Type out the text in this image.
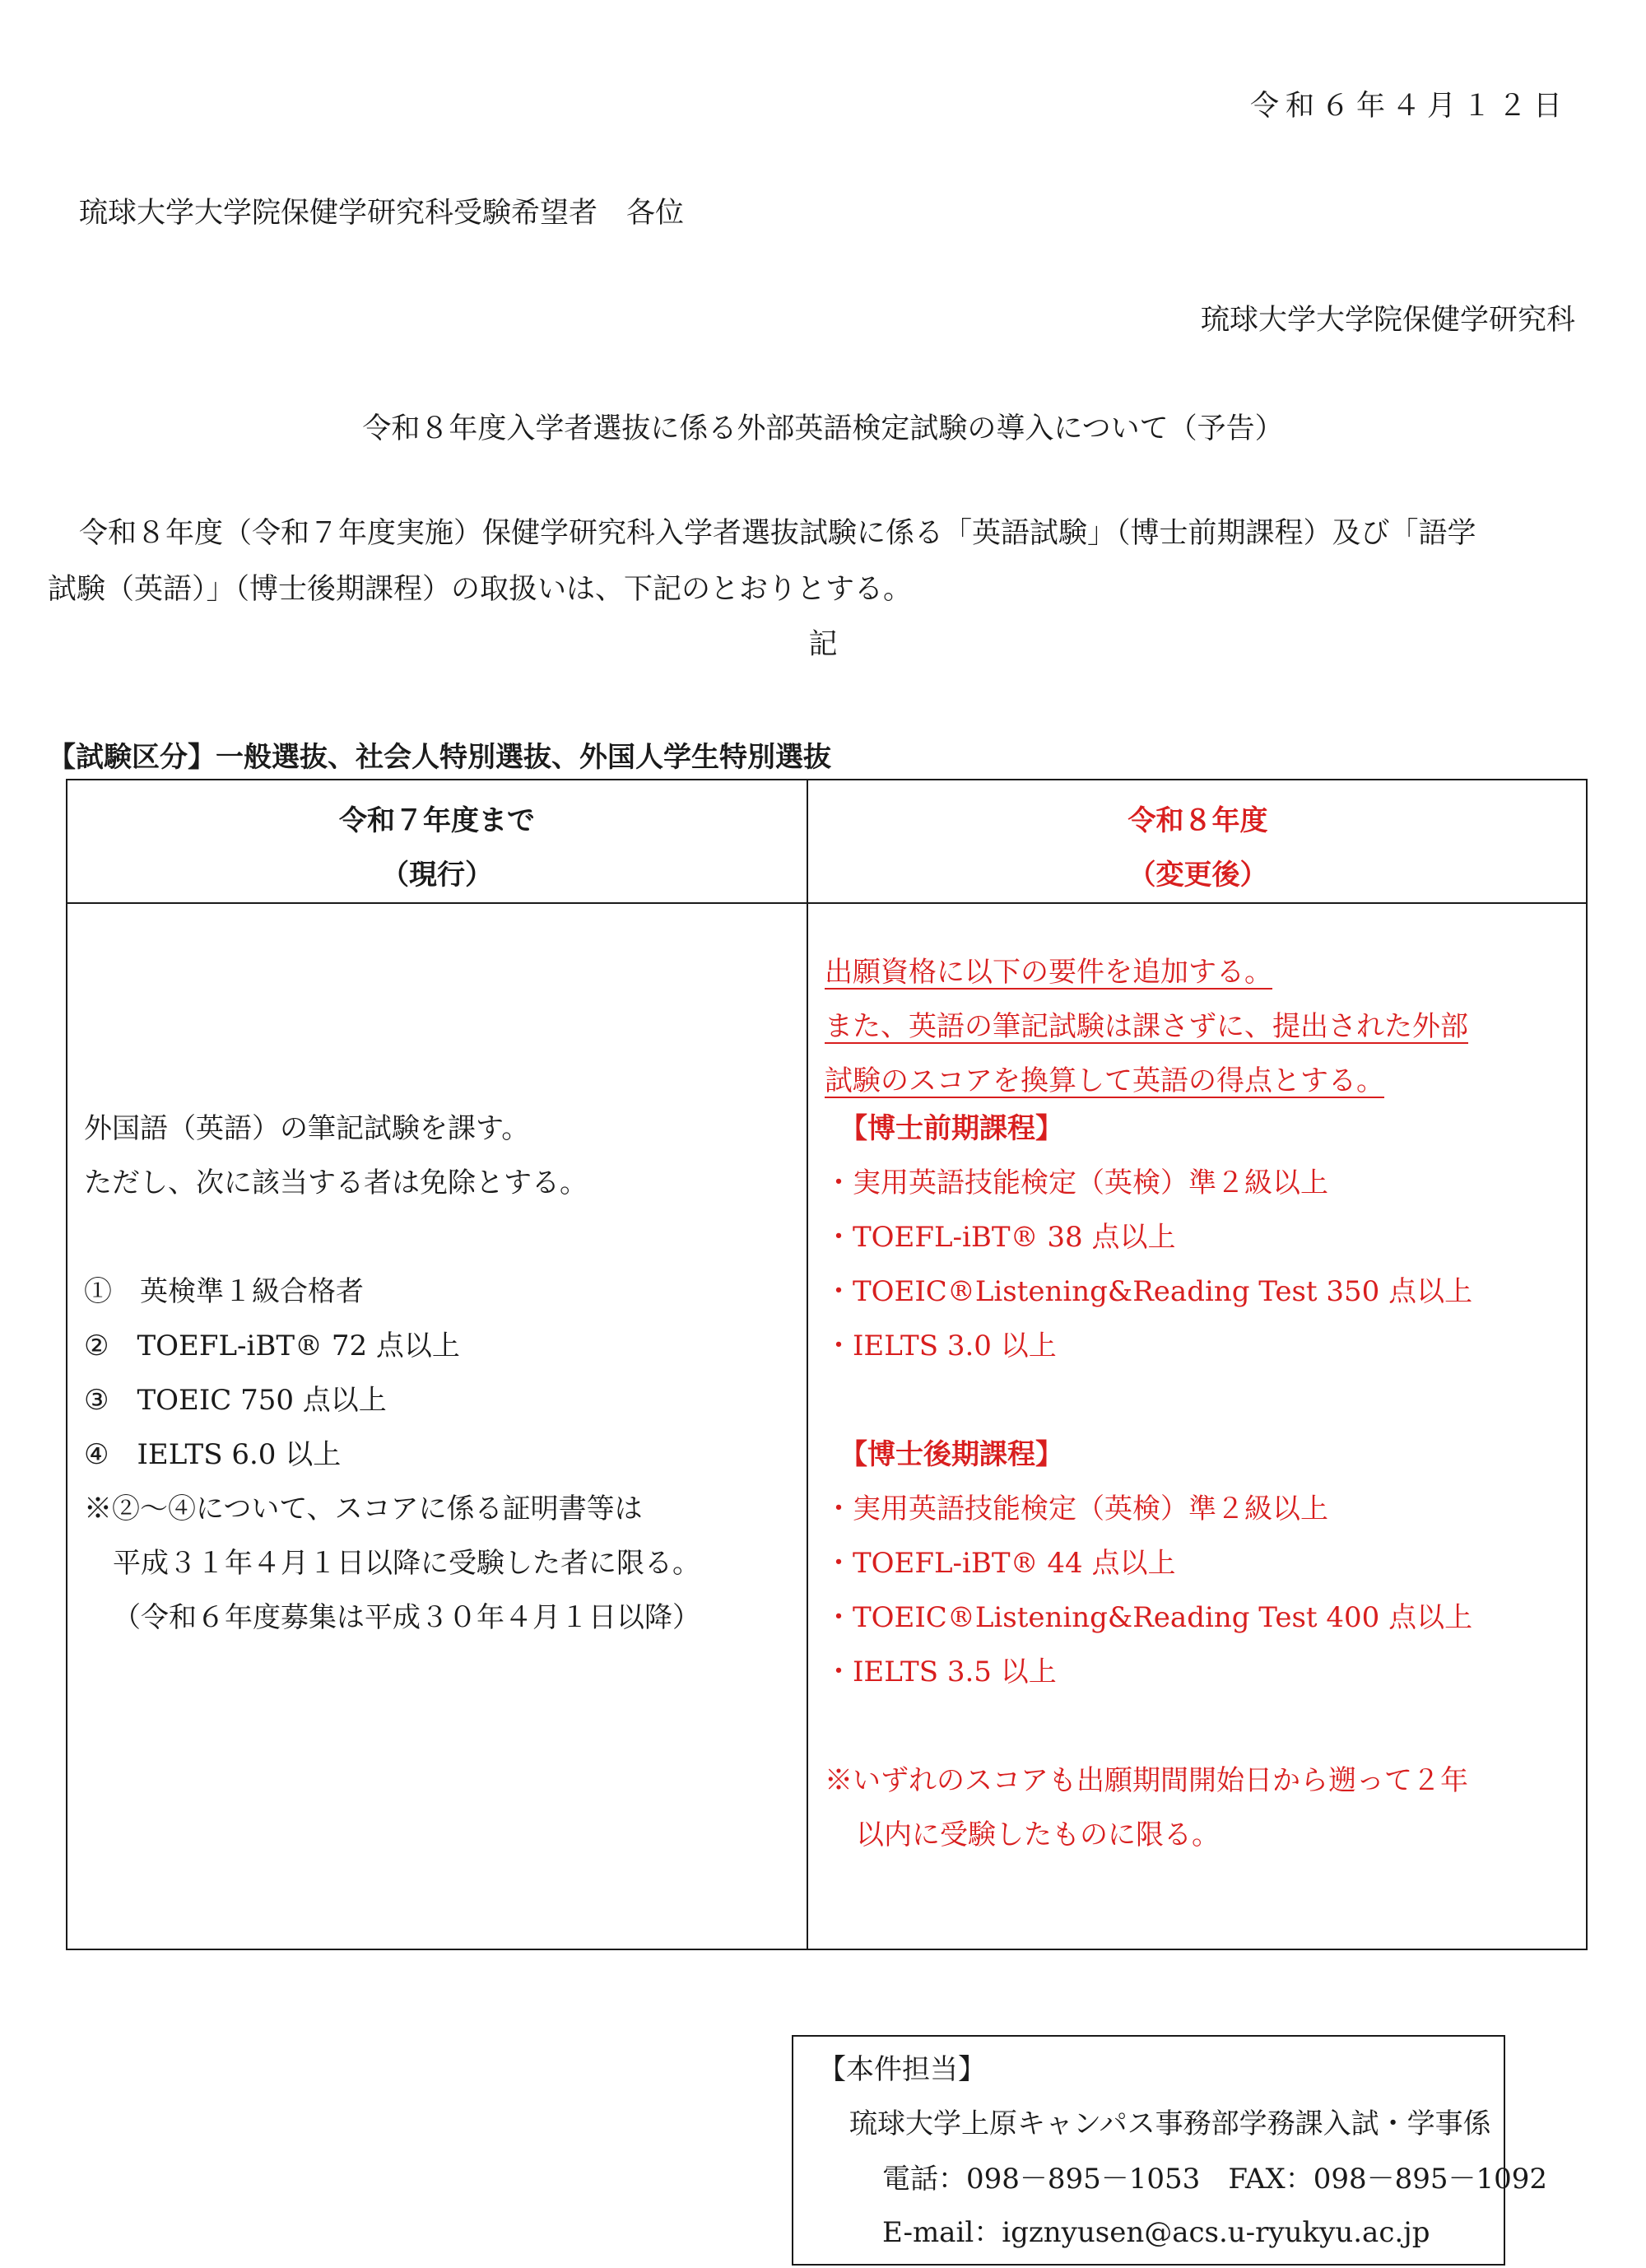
令和６年４月１２日
琉球大学大学院保健学研究科受験希望者　各位
琉球大学大学院保健学研究科
令和８年度入学者選抜に係る外部英語検定試験の導入について（予告）
令和８年度（令和７年度実施）保健学研究科入学者選抜試験に係る「英語試験」（博士前期課程）及び「語学
試験（英語）」（博士後期課程）の取扱いは、下記のとおりとする。
記
【試験区分】一般選抜、社会人特別選抜、外国人学生特別選抜
令和７年度まで
（現行）
令和８年度
（変更後）
外国語（英語）の筆記試験を課す。
ただし、次に該当する者は免除とする。
①　英検準１級合格者
②　TOEFL-iBT® 72 点以上
③　TOEIC 750 点以上
④　IELTS 6.0 以上
※②～④について、スコアに係る証明書等は
平成３１年４月１日以降に受験した者に限る。
（令和６年度募集は平成３０年４月１日以降）
出願資格に以下の要件を追加する。
また、英語の筆記試験は課さずに、提出された外部
試験のスコアを換算して英語の得点とする。
【博士前期課程】
・実用英語技能検定（英検）準２級以上
・TOEFL-iBT® 38 点以上
・TOEIC®Listening&Reading Test 350 点以上
・IELTS 3.0 以上
【博士後期課程】
・実用英語技能検定（英検）準２級以上
・TOEFL-iBT® 44 点以上
・TOEIC®Listening&Reading Test 400 点以上
・IELTS 3.5 以上
※いずれのスコアも出願期間開始日から遡って２年
以内に受験したものに限る。
【本件担当】
琉球大学上原キャンパス事務部学務課入試・学事係
電話：098－895－1053　FAX：098－895－1092
E-mail：igznyusen@acs.u-ryukyu.ac.jp
